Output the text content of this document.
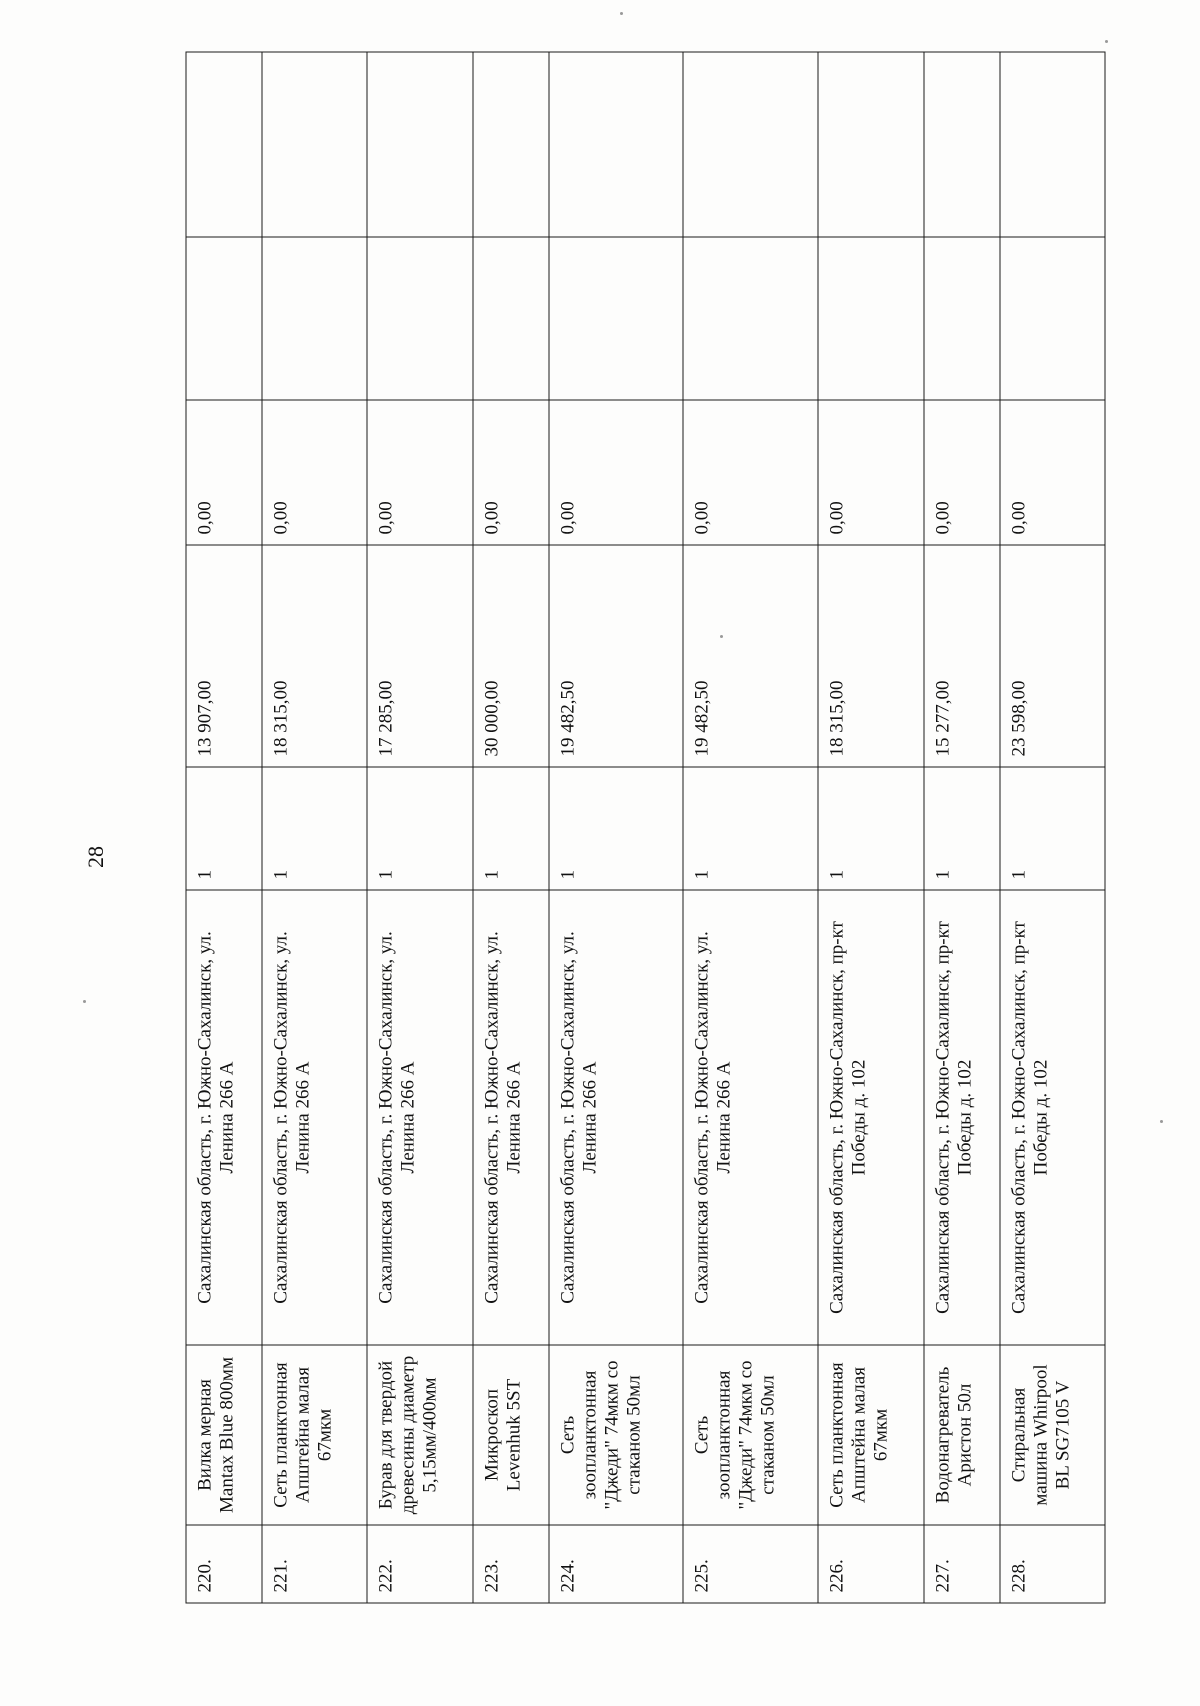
28
220.	Вилка мерная Mantax Blue 800мм	Сахалинская область, г. Южно-Сахалинск, ул. Ленина 266 А	1	13 907,00	0,00		
221.	Сеть планктонная Апштейна малая 67мкм	Сахалинская область, г. Южно-Сахалинск, ул. Ленина 266 А	1	18 315,00	0,00		
222.	Бурав для твердой древесины диаметр 5,15мм/400мм	Сахалинская область, г. Южно-Сахалинск, ул. Ленина 266 А	1	17 285,00	0,00		
223.	Микроскоп Levenhuk 5ST	Сахалинская область, г. Южно-Сахалинск, ул. Ленина 266 А	1	30 000,00	0,00		
224.	Сеть зоопланктонная "Джеди" 74мкм со стаканом 50мл	Сахалинская область, г. Южно-Сахалинск, ул. Ленина 266 А	1	19 482,50	0,00		
225.	Сеть зоопланктонная "Джеди" 74мкм со стаканом 50мл	Сахалинская область, г. Южно-Сахалинск, ул. Ленина 266 А	1	19 482,50	0,00		
226.	Сеть планктонная Апштейна малая 67мкм	Сахалинская область, г. Южно-Сахалинск, пр-кт Победы д. 102	1	18 315,00	0,00		
227.	Водонагреватель Аристон 50л	Сахалинская область, г. Южно-Сахалинск, пр-кт Победы д. 102	1	15 277,00	0,00		
228.	Стиральная машина Whirpool BL SG7105 V	Сахалинская область, г. Южно-Сахалинск, пр-кт Победы д. 102	1	23 598,00	0,00		
